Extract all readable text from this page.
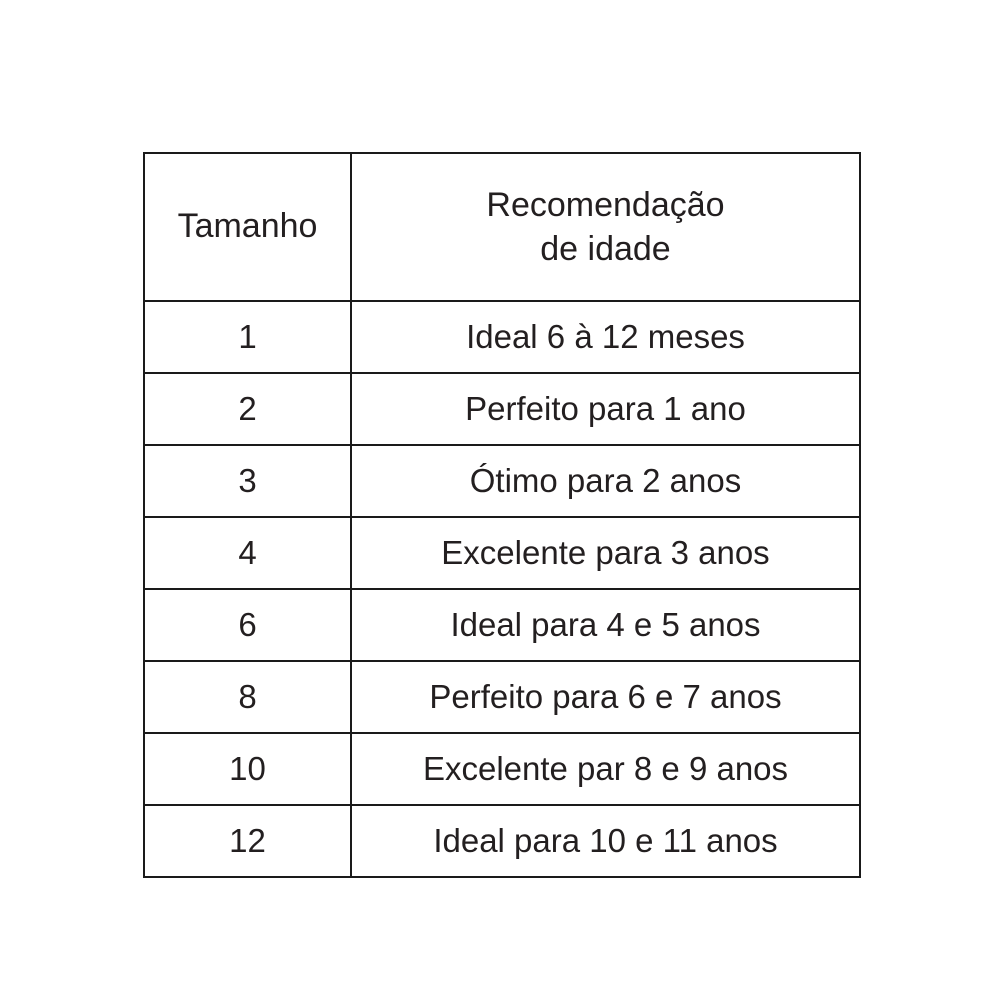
Tamanho	Recomendação
de idade

1	Ideal 6 à 12 meses
2	Perfeito para 1 ano
3	Ótimo para 2 anos
4	Excelente para 3 anos
6	Ideal para 4 e 5 anos
8	Perfeito para 6 e 7 anos
10	Excelente par 8 e 9 anos
12	Ideal para 10 e 11 anos
